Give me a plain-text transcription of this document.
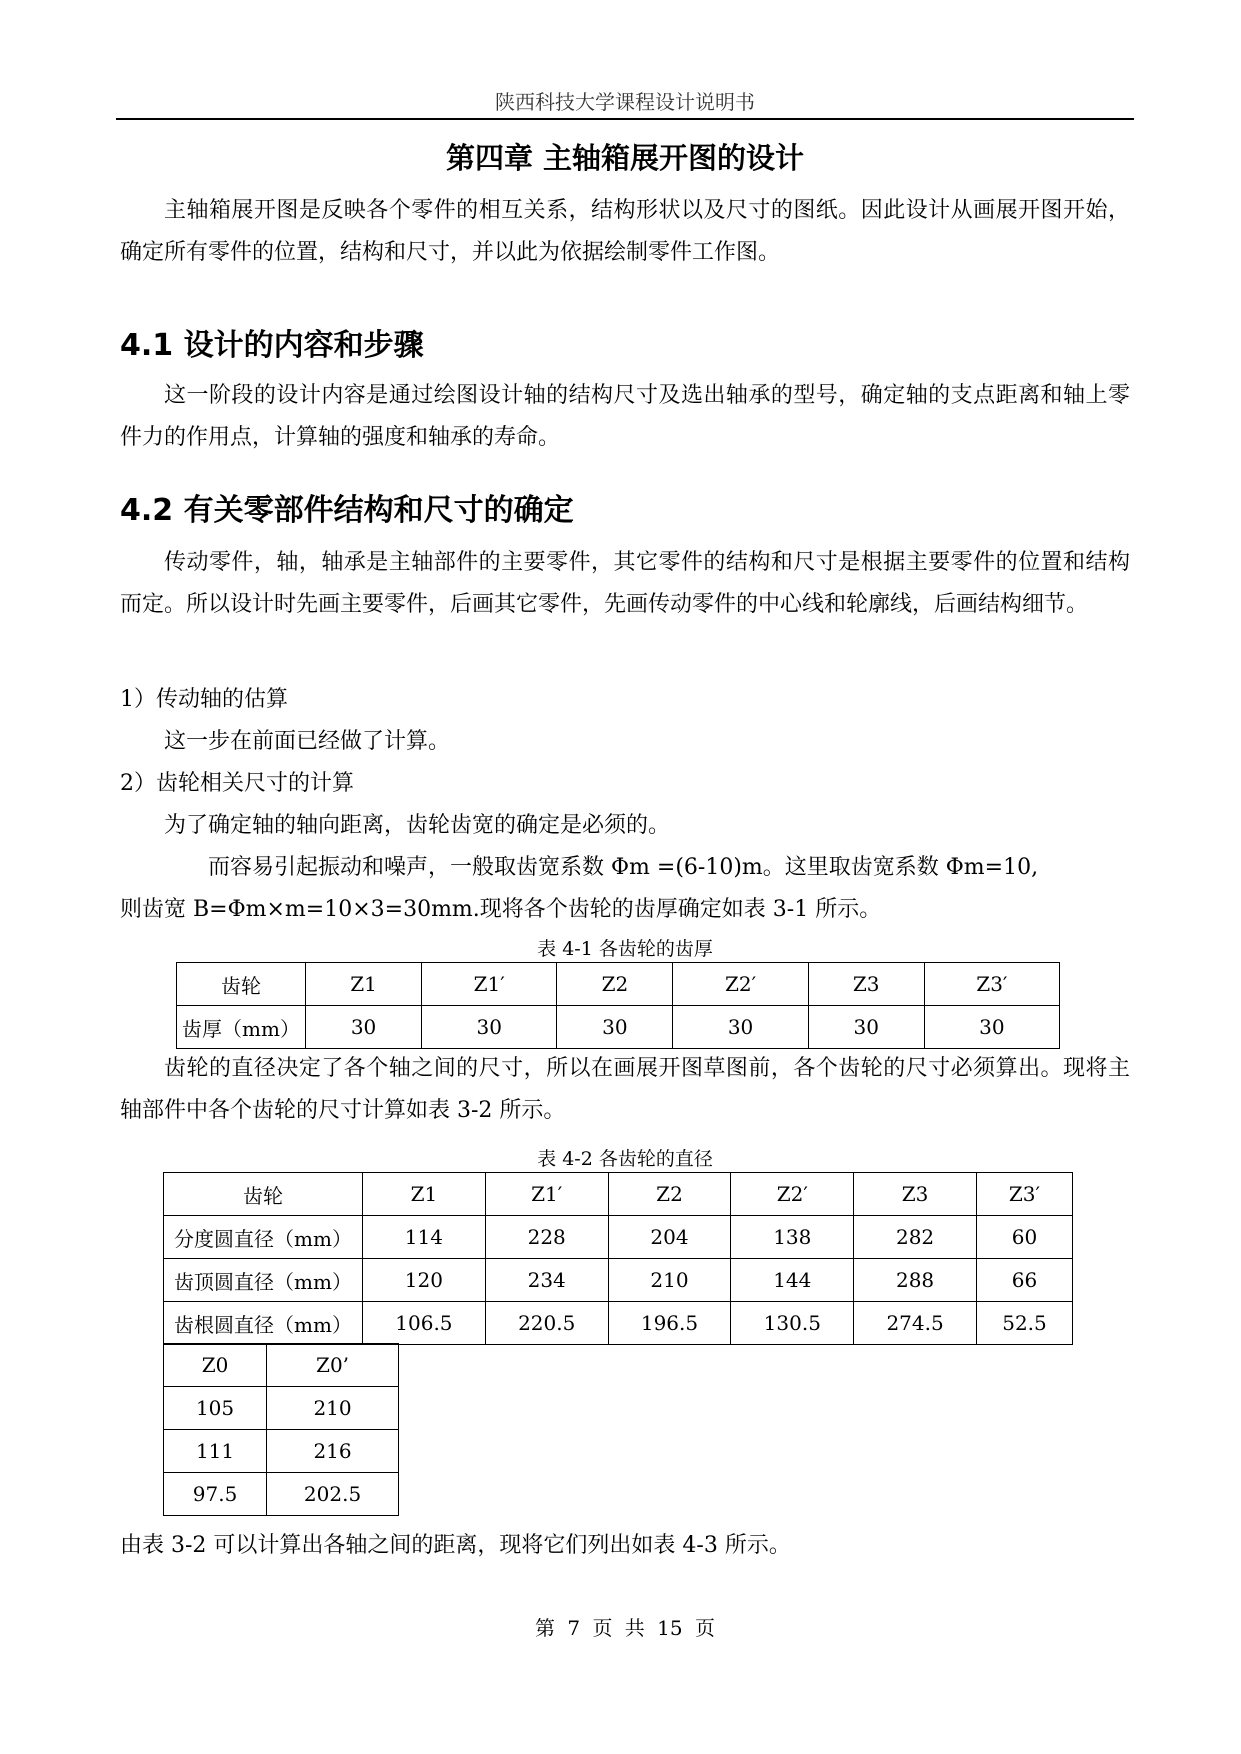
陕西科技大学课程设计说明书
第四章 主轴箱展开图的设计

主轴箱展开图是反映各个零件的相互关系，结构形状以及尺寸的图纸。因此设计从画展开图开始，确定所有零件的位置，结构和尺寸，并以此为依据绘制零件工作图。

4.1 设计的内容和步骤

这一阶段的设计内容是通过绘图设计轴的结构尺寸及选出轴承的型号，确定轴的支点距离和轴上零件力的作用点，计算轴的强度和轴承的寿命。

4.2 有关零部件结构和尺寸的确定

传动零件，轴，轴承是主轴部件的主要零件，其它零件的结构和尺寸是根据主要零件的位置和结构而定。所以设计时先画主要零件，后画其它零件，先画传动零件的中心线和轮廓线，后画结构细节。

1）传动轴的估算
这一步在前面已经做了计算。
2）齿轮相关尺寸的计算
为了确定轴的轴向距离，齿轮齿宽的确定是必须的。
而容易引起振动和噪声，一般取齿宽系数 Φm =(6-10)m。这里取齿宽系数 Φm=10,
则齿宽 B=Φm×m=10×3=30mm.现将各个齿轮的齿厚确定如表 3-1 所示。
表 4-1 各齿轮的齿厚
齿轮	Z1	Z1′	Z2	Z2′	Z3	Z3′
齿厚（mm）	30	30	30	30	30	30

齿轮的直径决定了各个轴之间的尺寸，所以在画展开图草图前，各个齿轮的尺寸必须算出。现将主轴部件中各个齿轮的尺寸计算如表 3-2 所示。

表 4-2 各齿轮的直径
齿轮	Z1	Z1′	Z2	Z2′	Z3	Z3′
分度圆直径（mm）	114	228	204	138	282	60
齿顶圆直径（mm）	120	234	210	144	288	66
齿根圆直径（mm）	106.5	220.5	196.5	130.5	274.5	52.5
Z0	Z0’
105	210
111	216
97.5	202.5
由表 3-2 可以计算出各轴之间的距离，现将它们列出如表 4-3 所示。
第 7 页 共 15 页
